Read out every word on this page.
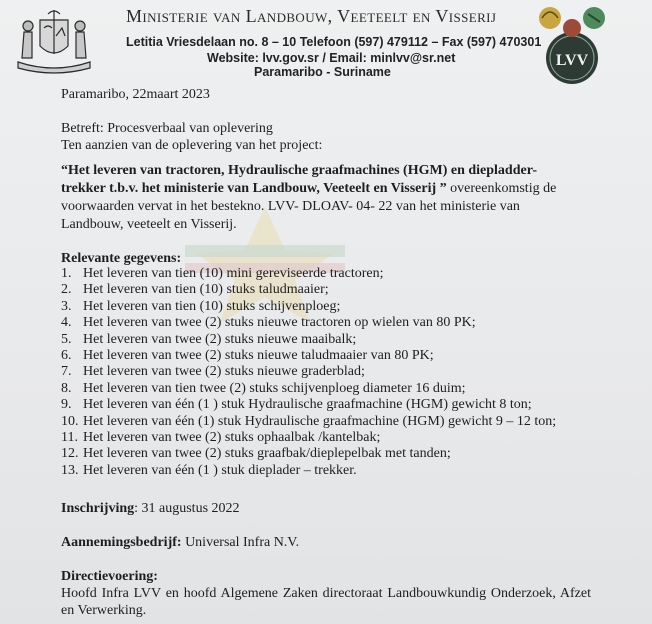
Ministerie van Landbouw, Veeteelt en Visserij
Letitia Vriesdelaan no. 8 – 10 Telefoon (597) 479112 – Fax (597) 470301
Website: lvv.gov.sr / Email: minlvv@sr.net
Paramaribo - Suriname
LVV
Paramaribo, 22maart 2023
Betreft: Procesverbaal van oplevering
Ten aanzien van de oplevering van het project:
“Het leveren van tractoren, Hydraulische graafmachines (HGM) en diepladder-
trekker t.b.v. het ministerie van Landbouw, Veeteelt en Visserij ” overeenkomstig de
voorwaarden vervat in het bestekno. LVV- DLOAV- 04- 22 van het ministerie van
Landbouw, veeteelt en Visserij.
Relevante gegevens:
1. Het leveren van tien (10) mini gereviseerde tractoren;
2. Het leveren van tien (10) stuks taludmaaier;
3. Het leveren van tien (10) stuks schijvenploeg;
4. Het leveren van twee (2) stuks nieuwe tractoren op wielen van 80 PK;
5. Het leveren van twee (2) stuks nieuwe maaibalk;
6. Het leveren van twee (2) stuks nieuwe taludmaaier van 80 PK;
7. Het leveren van twee (2) stuks nieuwe graderblad;
8. Het leveren van tien twee (2) stuks schijvenploeg diameter 16 duim;
9. Het leveren van één (1 ) stuk Hydraulische graafmachine (HGM) gewicht 8 ton;
10. Het leveren van één (1) stuk Hydraulische graafmachine (HGM) gewicht 9 – 12 ton;
11. Het leveren van twee (2) stuks ophaalbak /kantelbak;
12. Het leveren van twee (2) stuks graafbak/dieplepelbak met tanden;
13. Het leveren van één (1 ) stuk dieplader – trekker.
Inschrijving: 31 augustus 2022
Aannemingsbedrijf: Universal Infra N.V.
Directievoering:
Hoofd Infra LVV en hoofd Algemene Zaken directoraat Landbouwkundig Onderzoek, Afzet en Verwerking.
